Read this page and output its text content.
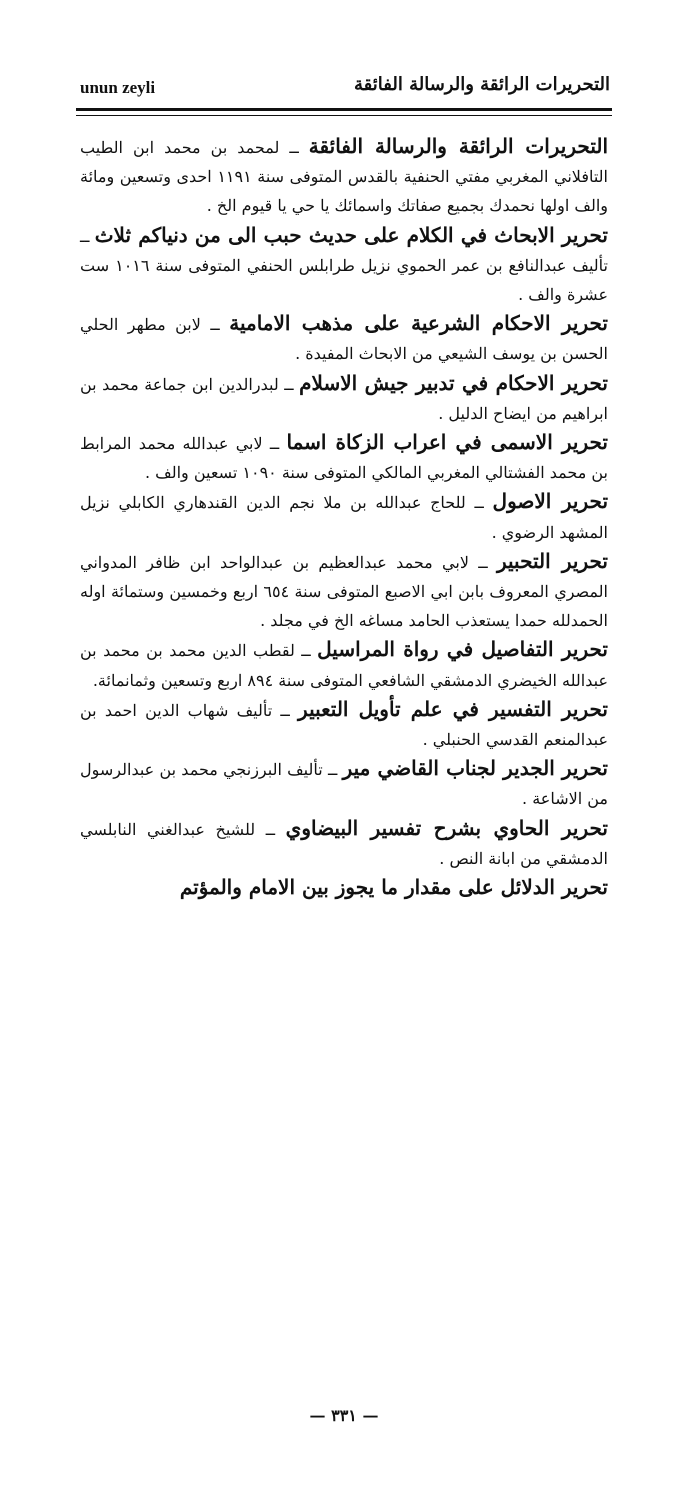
unun zeyli	التحريرات الرائقة والرسالة الفائقة

التحريرات الرائقة والرسالة الفائقة ــ لمحمد بن محمد ابن الطيب التافلاني المغربي مفتي الحنفية بالقدس المتوفى سنة ١١٩١ احدى وتسعين ومائة والف اولها نحمدك بجميع صفاتك واسمائك يا حي يا قيوم الخ .

تحرير الابحاث في الكلام على حديث حبب الى من دنياكم ثلاث ــ تأليف عبدالنافع بن عمر الحموي نزيل طرابلس الحنفي المتوفى سنة ١٠١٦ ست عشرة والف .

تحرير الاحكام الشرعية على مذهب الامامية ــ لابن مطهر الحلي الحسن بن يوسف الشيعي من الابحاث المفيدة .

تحرير الاحكام في تدبير جيش الاسلام ــ لبدرالدين ابن جماعة محمد بن ابراهيم من ايضاح الدليل .

تحرير الاسمى في اعراب الزكاة اسما ــ لابي عبدالله محمد المرابط بن محمد الفشتالي المغربي المالكي المتوفى سنة ١٠٩٠ تسعين والف .

تحرير الاصول ــ للحاج عبدالله بن ملا نجم الدين القندهاري الكابلي نزيل المشهد الرضوي .

تحرير التحبير ــ لابي محمد عبدالعظيم بن عبدالواحد ابن ظافر المدواني المصري المعروف بابن ابي الاصبع المتوفى سنة ٦٥٤ اربع وخمسين وستمائة اوله الحمدلله حمدا يستعذب الحامد مساغه الخ في مجلد .

تحرير التفاصيل في رواة المراسيل ــ لقطب الدين محمد بن محمد بن عبدالله الخيضري الدمشقي الشافعي المتوفى سنة ٨٩٤ اربع وتسعين وثمانمائة.

تحرير التفسير في علم تأويل التعبير ــ تأليف شهاب الدين احمد بن عبدالمنعم القدسي الحنبلي .

تحرير الجدير لجناب القاضي مير ــ تأليف البرزنجي محمد بن عبدالرسول من الاشاعة .

تحرير الحاوي بشرح تفسير البيضاوي ــ للشيخ عبدالغني النابلسي الدمشقي من ابانة النص .

تحرير الدلائل على مقدار ما يجوز بين الامام والمؤتم

— ٣٣١ —
